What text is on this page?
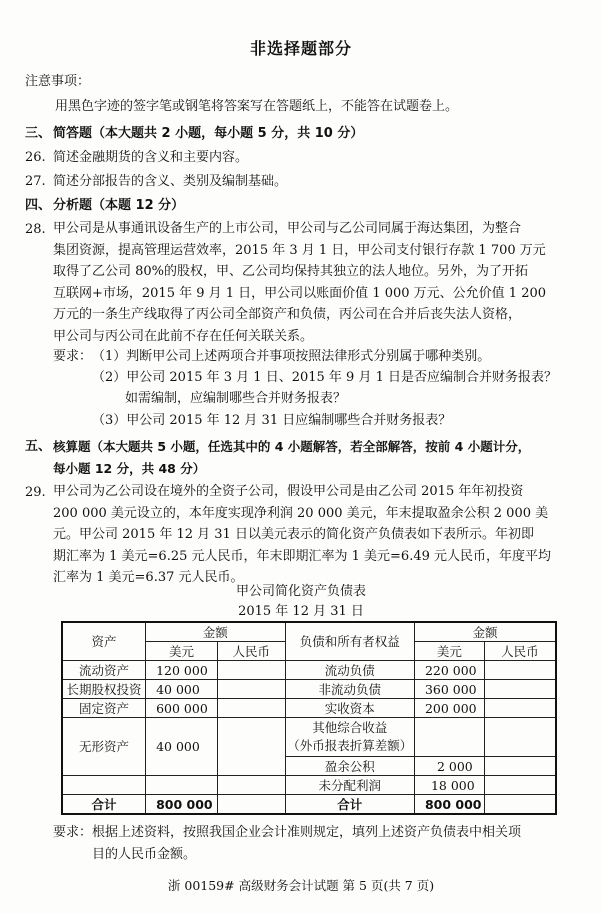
非选择题部分
注意事项：
用黑色字迹的签字笔或钢笔将答案写在答题纸上，不能答在试题卷上。
三、 简答题（本大题共 2 小题，每小题 5 分，共 10 分）
26. 简述金融期货的含义和主要内容。
27. 简述分部报告的含义、类别及编制基础。
四、 分析题（本题 12 分）
28. 甲公司是从事通讯设备生产的上市公司，甲公司与乙公司同属于海达集团，为整合
集团资源，提高管理运营效率，2015 年 3 月 1 日，甲公司支付银行存款 1 700 万元
取得了乙公司 80%的股权，甲、乙公司均保持其独立的法人地位。另外，为了开拓
互联网+市场，2015 年 9 月 1 日，甲公司以账面价值 1 000 万元、公允价值 1 200
万元的一条生产线取得了丙公司全部资产和负债，丙公司在合并后丧失法人资格，
甲公司与丙公司在此前不存在任何关联关系。
要求： （1）判断甲公司上述两项合并事项按照法律形式分别属于哪种类别。
（2）甲公司 2015 年 3 月 1 日、2015 年 9 月 1 日是否应编制合并财务报表？
如需编制，应编制哪些合并财务报表？
（3）甲公司 2015 年 12 月 31 日应编制哪些合并财务报表？
五、 核算题（本大题共 5 小题，任选其中的 4 小题解答，若全部解答，按前 4 小题计分，
每小题 12 分，共 48 分）
29. 甲公司为乙公司设在境外的全资子公司，假设甲公司是由乙公司 2015 年年初投资
200 000 美元设立的，本年度实现净利润 20 000 美元，年末提取盈余公积 2 000 美
元。甲公司 2015 年 12 月 31 日以美元表示的简化资产负债表如下表所示。年初即
期汇率为 1 美元=6.25 元人民币，年末即期汇率为 1 美元=6.49 元人民币，年度平均
汇率为 1 美元=6.37 元人民币。
甲公司简化资产负债表
2015 年 12 月 31 日
资产	金额		负债和所有者权益	金额	
	美元	人民币		美元	人民币
流动资产	120 000		流动负债	220 000	
长期股权投资	40 000		非流动负债	360 000	
固定资产	600 000		实收资本	200 000	
无形资产	40 000		其他综合收益
（外币报表折算差额）		
			盈余公积	2 000	
			未分配利润	18 000	
合计	800 000		合计	800 000	
要求： 根据上述资料，按照我国企业会计准则规定，填列上述资产负债表中相关项
目的人民币金额。
浙 00159# 高级财务会计试题 第 5 页(共 7 页)
